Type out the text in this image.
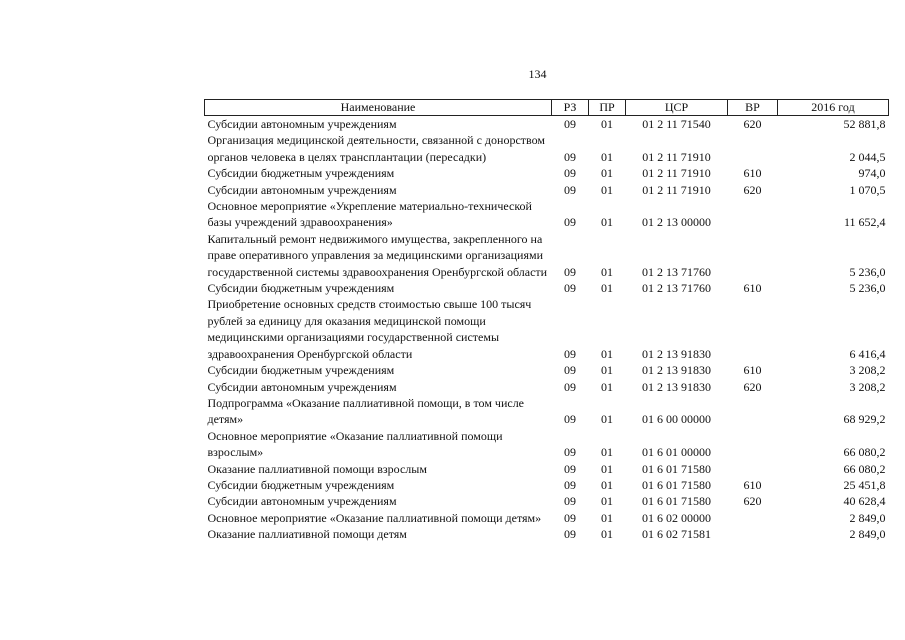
134
Наименование	РЗ	ПР	ЦСР	ВР	2016 год
Субсидии автономным учреждениям	09	01	01 2 11 71540	620	52 881,8
Организация медицинской деятельности, связанной с донорством органов человека в целях трансплантации (пересадки)	09	01	01 2 11 71910		2 044,5
Субсидии бюджетным учреждениям	09	01	01 2 11 71910	610	974,0
Субсидии автономным учреждениям	09	01	01 2 11 71910	620	1 070,5
Основное мероприятие «Укрепление материально-технической базы учреждений здравоохранения»	09	01	01 2 13 00000		11 652,4
Капитальный ремонт недвижимого имущества, закрепленного на праве оперативного управления за медицинскими организациями государственной системы здравоохранения Оренбургской области	09	01	01 2 13 71760		5 236,0
Субсидии бюджетным учреждениям	09	01	01 2 13 71760	610	5 236,0
Приобретение основных средств стоимостью свыше 100 тысяч рублей за единицу для оказания медицинской помощи медицинскими организациями государственной системы здравоохранения Оренбургской области	09	01	01 2 13 91830		6 416,4
Субсидии бюджетным учреждениям	09	01	01 2 13 91830	610	3 208,2
Субсидии автономным учреждениям	09	01	01 2 13 91830	620	3 208,2
Подпрограмма «Оказание паллиативной помощи, в том числе детям»	09	01	01 6 00 00000		68 929,2
Основное мероприятие «Оказание паллиативной помощи взрослым»	09	01	01 6 01 00000		66 080,2
Оказание паллиативной помощи взрослым	09	01	01 6 01 71580		66 080,2
Субсидии бюджетным учреждениям	09	01	01 6 01 71580	610	25 451,8
Субсидии автономным учреждениям	09	01	01 6 01 71580	620	40 628,4
Основное мероприятие «Оказание паллиативной помощи детям»	09	01	01 6 02 00000		2 849,0
Оказание паллиативной помощи детям	09	01	01 6 02 71581		2 849,0
